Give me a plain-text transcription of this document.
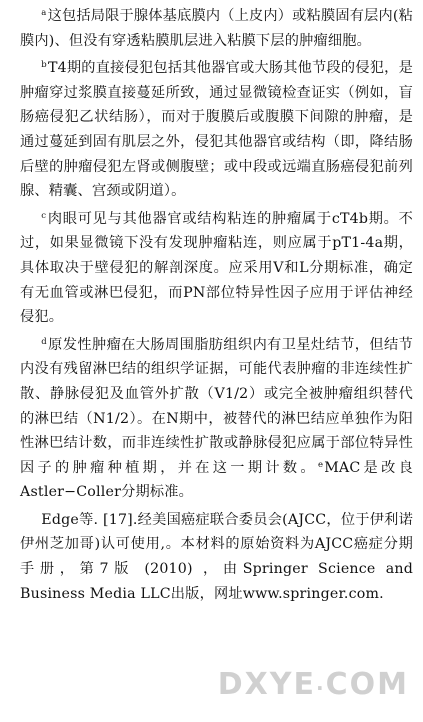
$^a$这包括局限于腺体基底膜内（上皮内）或粘膜固有层内(粘膜内)、但没有穿透粘膜肌层进入粘膜下层的肿瘤细胞。

$^b$T4期的直接侵犯包括其他器官或大肠其他节段的侵犯，是肿瘤穿过浆膜直接蔓延所致，通过显微镜检查证实（例如，盲肠癌侵犯乙状结肠），而对于腹膜后或腹膜下间隙的肿瘤，是通过蔓延到固有肌层之外，侵犯其他器官或结构（即，降结肠后壁的肿瘤侵犯左肾或侧腹壁；或中段或远端直肠癌侵犯前列腺、精囊、宫颈或阴道）。

$^c$肉眼可见与其他器官或结构粘连的肿瘤属于cT4b期。不过，如果显微镜下没有发现肿瘤粘连，则应属于pT1-4a期，具体取决于壁侵犯的解剖深度。应采用V和L分期标准，确定有无血管或淋巴侵犯，而PN部位特异性因子应用于评估神经侵犯。

$^d$原发性肿瘤在大肠周围脂肪组织内有卫星灶结节，但结节内没有残留淋巴结的组织学证据，可能代表肿瘤的非连续性扩散、静脉侵犯及血管外扩散（V1/2）或完全被肿瘤组织替代的淋巴结（N1/2）。在N期中，被替代的淋巴结应单独作为阳性淋巴结计数，而非连续性扩散或静脉侵犯应属于部位特异性因子的肿瘤种植期，并在这一期计数。$^e$MAC是改良Astler−Coller分期标准。

Edge等. [17].经美国癌症联合委员会(AJCC，位于伊利诺伊州芝加哥)认可使用,。本材料的原始资料为AJCC癌症分期手册，第7版 (2010) ，由Springer Science and Business Media LLC出版，网址www.springer.com.

DXYE.COM
